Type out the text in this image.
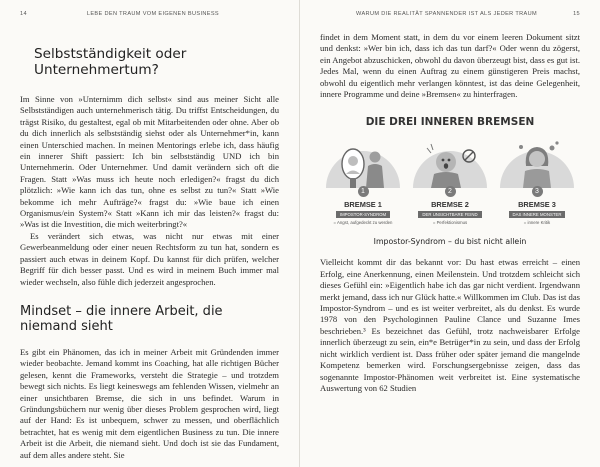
14	LEBE DEN TRAUM VOM EIGENEN BUSINESS
Selbstständigkeit oder Unternehmertum?

Im Sinne von »Unternimm dich selbst« sind aus meiner Sicht alle Selbstständigen auch unternehmerisch tätig. Du triffst Entscheidungen, du trägst Risiko, du gestaltest, egal ob mit Mitarbeitenden oder ohne. Aber ob du dich innerlich als selbstständig siehst oder als Unternehmer*in, kann einen Unterschied machen. In meinen Mentorings erlebe ich, dass häufig ein innerer Shift passiert: Ich bin selbstständig UND ich bin Unternehmerin. Oder Unternehmer. Und damit verändern sich oft die Fragen. Statt »Was muss ich heute noch erledigen?« fragst du dich plötzlich: »Wie kann ich das tun, ohne es selbst zu tun?« Statt »Wie bekomme ich mehr Aufträge?« fragst du: »Wie baue ich einen Organismus/ein System?« Statt »Kann ich mir das leisten?« fragst du: »Was ist die Investition, die mich weiterbringt?«

Es verändert sich etwas, was nicht nur etwas mit einer Gewerbeanmeldung oder einer neuen Rechtsform zu tun hat, sondern es passiert auch etwas in deinem Kopf. Du kannst für dich prüfen, welcher Begriff für dich besser passt. Und es wird in meinem Buch immer mal wieder wechseln, also fühle dich jederzeit angesprochen.

Mindset – die innere Arbeit, die niemand sieht

Es gibt ein Phänomen, das ich in meiner Arbeit mit Gründenden immer wieder beobachte. Jemand kommt ins Coaching, hat alle richtigen Bücher gelesen, kennt die Frameworks, versteht die Strategie – und trotzdem bewegt sich nichts. Es liegt keineswegs am fehlenden Wissen, vielmehr an einer unsichtbaren Bremse, die sich in uns befindet. Warum in Gründungsbüchern nur wenig über dieses Problem gesprochen wird, liegt auf der Hand: Es ist unbequem, schwer zu messen, und oberflächlich betrachtet, hat es wenig mit dem eigentlichen Business zu tun. Die innere Arbeit ist die Arbeit, die niemand sieht. Und doch ist sie das Fundament, auf dem alles andere steht. Sie

WARUM DIE REALITÄT SPANNENDER IST ALS JEDER TRAUM	15

findet in dem Moment statt, in dem du vor einem leeren Dokument sitzt und denkst: »Wer bin ich, dass ich das tun darf?« Oder wenn du zögerst, ein Angebot abzuschicken, obwohl du davon überzeugt bist, dass es gut ist. Jedes Mal, wenn du einen Auftrag zu einem günstigeren Preis machst, obwohl du eigentlich mehr verlangen könntest, ist das deine Gelegenheit, innere Programme und deine »Bremsen« zu hinterfragen.

DIE DREI INNEREN BREMSEN
1
BREMSE 1
IMPOSTOR-SYNDROM
= Angst, aufgedeckt zu werden
2
BREMSE 2
DER UNSICHTBARE FEIND
= Perfektionismus
3
BREMSE 3
DAS INNERE MONSTER
= innere Kritik
Impostor-Syndrom – du bist nicht allein

Vielleicht kommt dir das bekannt vor: Du hast etwas erreicht – einen Erfolg, eine Anerkennung, einen Meilenstein. Und trotzdem schleicht sich dieses Gefühl ein: »Eigentlich habe ich das gar nicht verdient. Irgendwann merkt jemand, dass ich nur Glück hatte.« Willkommen im Club. Das ist das Impostor-Syndrom – und es ist weiter verbreitet, als du denkst. Es wurde 1978 von den Psychologinnen Pauline Clance und Suzanne Imes beschrieben.³ Es bezeichnet das Gefühl, trotz nachweisbarer Erfolge innerlich überzeugt zu sein, ein*e Betrüger*in zu sein, und dass der Erfolg nicht wirklich verdient ist. Dass früher oder später jemand die mangelnde Kompetenz bemerken wird. Forschungsergebnisse zeigen, dass das sogenannte Impostor-Phänomen weit verbreitet ist. Eine systematische Auswertung von 62 Studien
